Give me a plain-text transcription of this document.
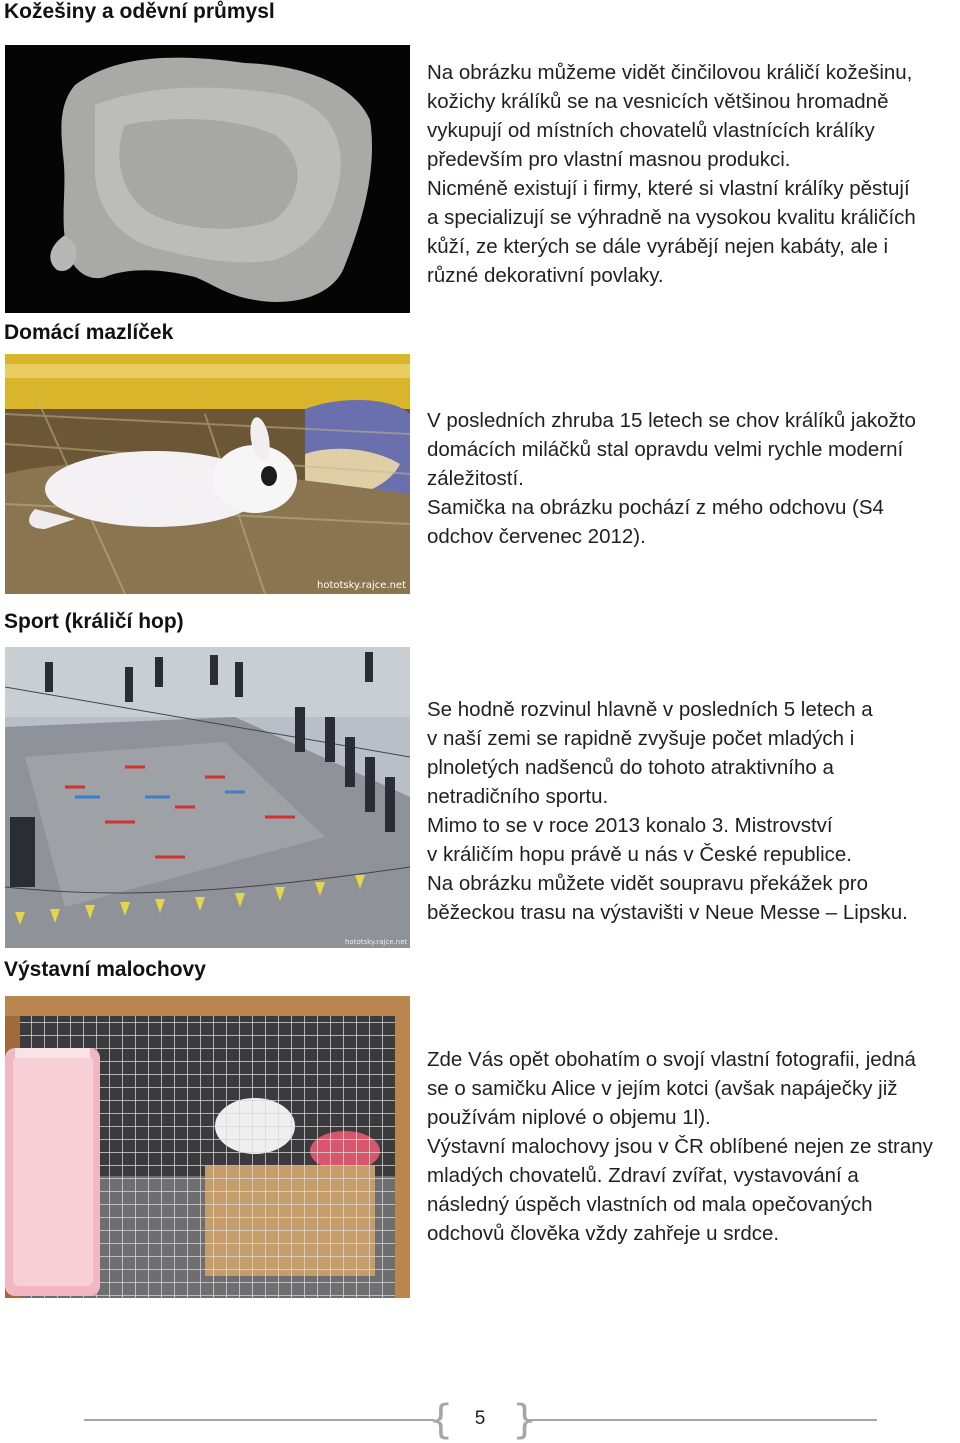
Kožešiny a oděvní průmysl
Na obrázku můžeme vidět činčilovou králičí kožešinu,
kožichy králíků se na vesnicích většinou hromadně
vykupují od místních chovatelů vlastnících králíky
především pro vlastní masnou produkci.
Nicméně existují i firmy, které si vlastní králíky pěstují
a specializují se výhradně na vysokou kvalitu králičích
kůží, ze kterých se dále vyrábějí nejen kabáty, ale i
různé dekorativní povlaky.
Domácí mazlíček
hototsky.rajce.net
V posledních zhruba 15 letech se chov králíků jakožto
domácích miláčků stal opravdu velmi rychle moderní
záležitostí.
Samička na obrázku pochází z mého odchovu (S4
odchov červenec 2012).
Sport (králičí hop)
hototsky.rajce.net
Se hodně rozvinul hlavně v posledních 5 letech a
v naší zemi se rapidně zvyšuje počet mladých i
plnoletých nadšenců do tohoto atraktivního a
netradičního sportu.
Mimo to se v roce 2013 konalo 3. Mistrovství
v králičím hopu právě u nás v České republice.
Na obrázku můžete vidět soupravu překážek pro
běžeckou trasu na výstavišti v Neue Messe – Lipsku.
Výstavní malochovy
Zde Vás opět obohatím o svojí vlastní fotografii, jedná
se o samičku Alice v jejím kotci (avšak napáječky již
používám niplové o objemu 1l).
Výstavní malochovy jsou v ČR oblíbené nejen ze strany
mladých chovatelů. Zdraví zvířat, vystavování a
následný úspěch vlastních od mala opečovaných
odchovů člověka vždy zahřeje u srdce.
{ }
5
